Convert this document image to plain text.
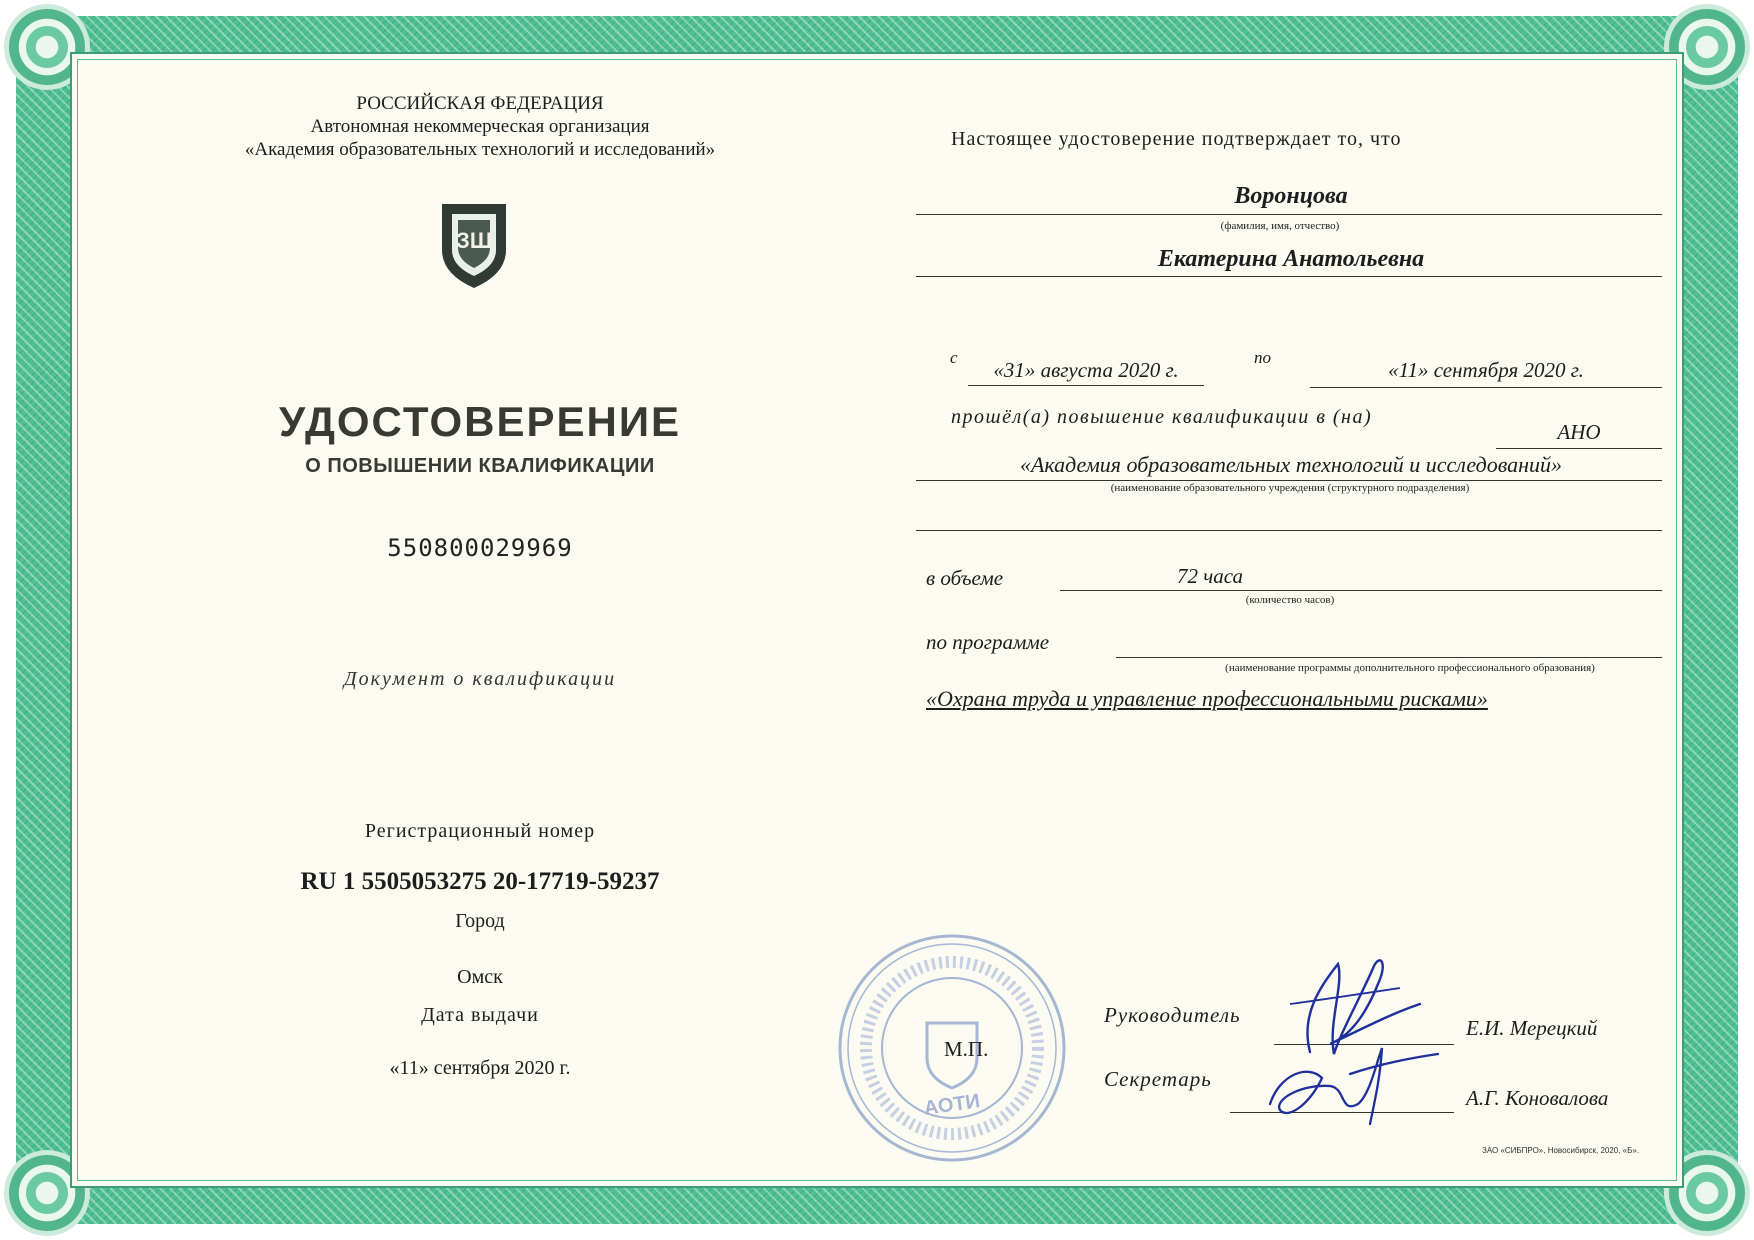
РОССИЙСКАЯ ФЕДЕРАЦИЯ
Автономная некоммерческая организация
«Академия образовательных технологий и исследований»
ЗШ
УДОСТОВЕРЕНИЕ
О ПОВЫШЕНИИ КВАЛИФИКАЦИИ
550800029969
Документ о квалификации
Регистрационный номер
RU 1 5505053275 20-17719-59237
Город
Омск
Дата выдачи
«11» сентября 2020 г.
Настоящее удостоверение подтверждает то, что
Воронцова
(фамилия, имя, отчество)
Екатерина Анатольевна
с
«31» августа 2020 г.
по
«11» сентября 2020 г.
прошёл(а) повышение квалификации в (на)
АНО
«Академия образовательных технологий и исследований»
(наименование образовательного учреждения (структурного подразделения)
в объеме	72 часа
(количество часов)
по программе
(наименование программы дополнительного профессионального образования)
«Охрана труда и управление профессиональными рисками»
АОТИ
М.П.
Руководитель
Е.И. Мерецкий
Секретарь
А.Г. Коновалова
ЗАО «СИБПРО», Новосибирск, 2020, «Б».
